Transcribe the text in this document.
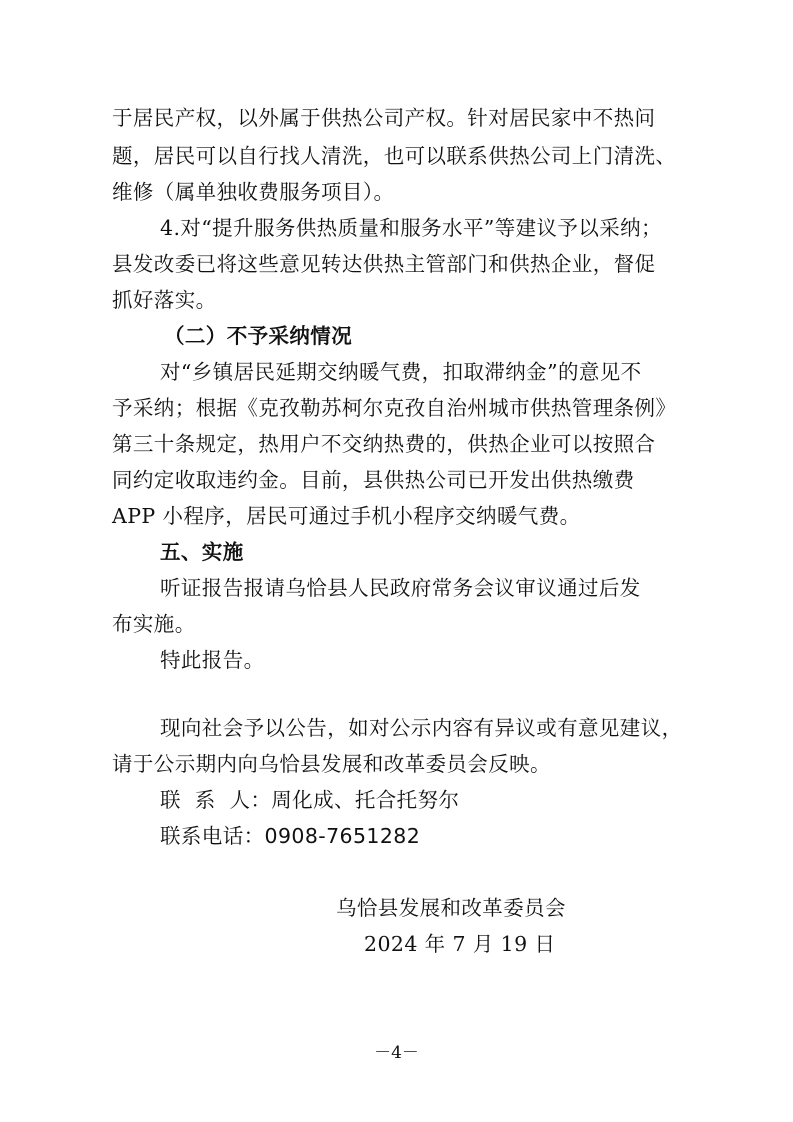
于居民产权，以外属于供热公司产权。针对居民家中不热问
题，居民可以自行找人清洗，也可以联系供热公司上门清洗、
维修（属单独收费服务项目）。
4.对“提升服务供热质量和服务水平”等建议予以采纳；
县发改委已将这些意见转达供热主管部门和供热企业，督促
抓好落实。
（二）不予采纳情况
对“乡镇居民延期交纳暖气费，扣取滞纳金”的意见不
予采纳；根据《克孜勒苏柯尔克孜自治州城市供热管理条例》
第三十条规定，热用户不交纳热费的，供热企业可以按照合
同约定收取违约金。目前，县供热公司已开发出供热缴费
APP 小程序，居民可通过手机小程序交纳暖气费。
五、实施
听证报告报请乌恰县人民政府常务会议审议通过后发
布实施。
特此报告。
现向社会予以公告，如对公示内容有异议或有意见建议，
请于公示期内向乌恰县发展和改革委员会反映。
联  系  人：周化成、托合托努尔
联系电话：0908-7651282
乌恰县发展和改革委员会
2024 年 7 月 19 日
－4－
